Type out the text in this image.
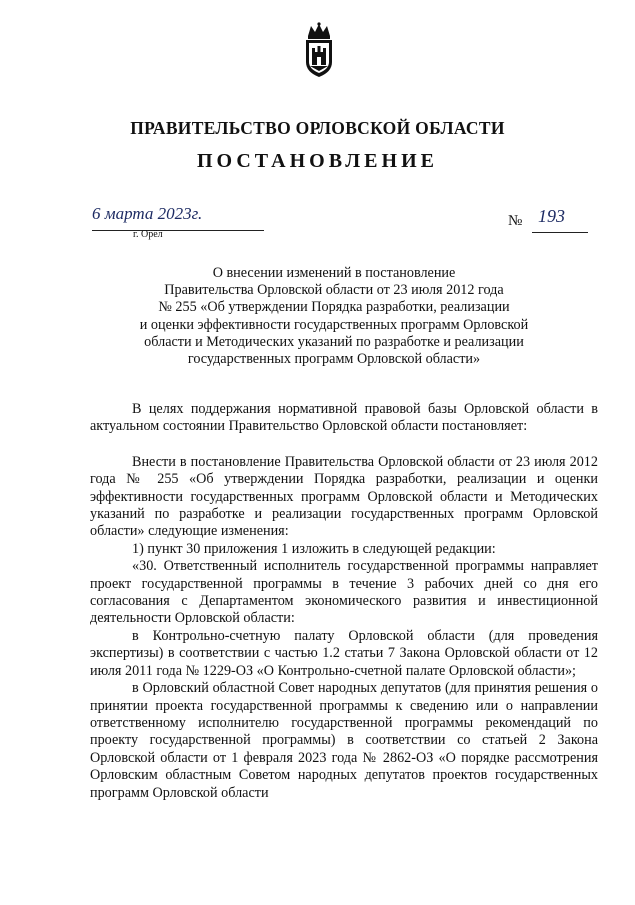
ПРАВИТЕЛЬСТВО ОРЛОВСКОЙ ОБЛАСТИ
ПОСТАНОВЛЕНИЕ
6 марта 2023г.
г. Орёл
№ 193
О внесении изменений в постановление
Правительства Орловской области от 23 июля 2012 года
№ 255 «Об утверждении Порядка разработки, реализации
и оценки эффективности государственных программ Орловской
области и Методических указаний по разработке и реализации
государственных программ Орловской области»

В целях поддержания нормативной правовой базы Орловской области в актуальном состоянии Правительство Орловской области постановляет:

Внести в постановление Правительства Орловской области от 23 июля 2012 года № 255 «Об утверждении Порядка разработки, реализации и оценки эффективности государственных программ Орловской области и Методических указаний по разработке и реализации государственных программ Орловской области» следующие изменения:

1) пункт 30 приложения 1 изложить в следующей редакции:

«30. Ответственный исполнитель государственной программы направляет проект государственной программы в течение 3 рабочих дней со дня его согласования с Департаментом экономического развития и инвестиционной деятельности Орловской области:

в Контрольно-счетную палату Орловской области (для проведения экспертизы) в соответствии с частью 1.2 статьи 7 Закона Орловской области от 12 июля 2011 года № 1229-ОЗ «О Контрольно-счетной палате Орловской области»;

в Орловский областной Совет народных депутатов (для принятия решения о принятии проекта государственной программы к сведению или о направлении ответственному исполнителю государственной программы рекомендаций по проекту государственной программы) в соответствии со статьей 2 Закона Орловской области от 1 февраля 2023 года № 2862-ОЗ «О порядке рассмотрения Орловским областным Советом народных депутатов проектов государственных программ Орловской области
